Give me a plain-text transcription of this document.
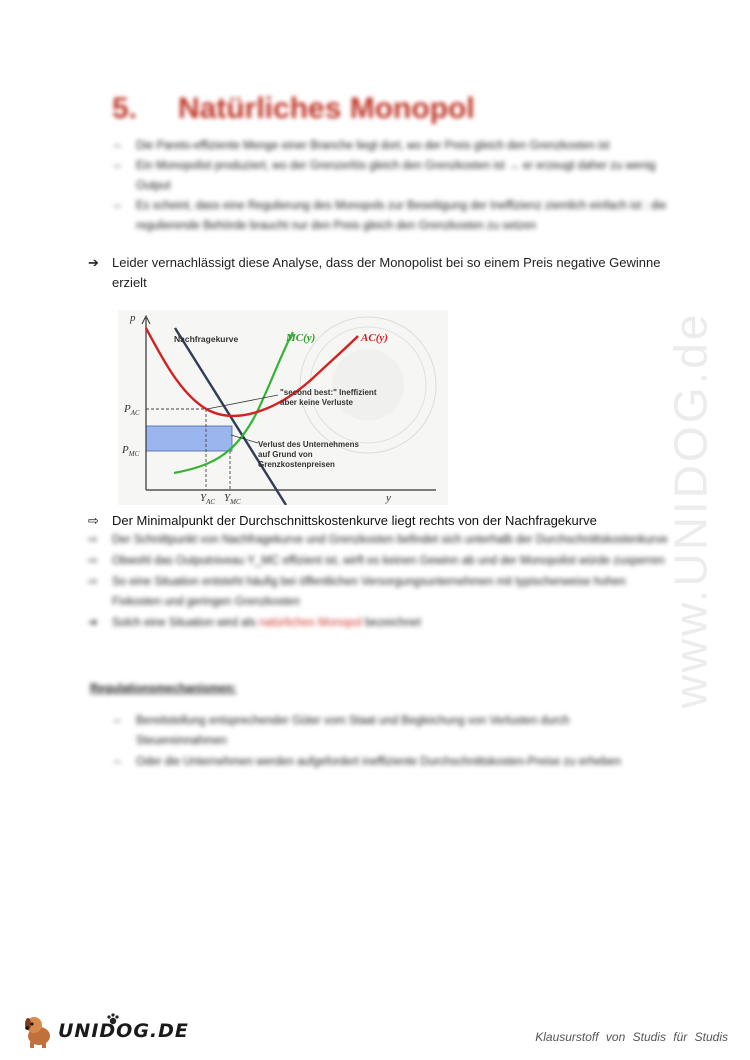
www.UNIDOG.de
5. Natürliches Monopol
– Die Pareto-effiziente Menge einer Branche liegt dort, wo der Preis gleich den Grenzkosten ist
– Ein Monopolist produziert, wo der Grenzerlös gleich den Grenzkosten ist → er erzeugt daher zu wenig Output
– Es scheint, dass eine Regulierung des Monopols zur Beseitigung der Ineffizienz ziemlich einfach ist : die regulierende Behörde braucht nur den Preis gleich den Grenzkosten zu setzen
➔	Leider vernachlässigt diese Analyse, dass der Monopolist bei so einem Preis negative Gewinne erzielt
p
y
Nachfragekurve	MC(y)	AC(y)
$P_{AC}$
$P_{MC}$
$Y_{AC}$ $Y_{MC}$
"second best:" Ineffizient
aber keine Verluste
Verlust des Unternehmens
auf Grund von
Grenzkostenpreisen
⇨	Der Minimalpunkt der Durchschnittskostenkurve liegt rechts von der Nachfragekurve
⇨ Der Schnittpunkt von Nachfragekurve und Grenzkosten befindet sich unterhalb der Durchschnittskostenkurve
⇨ Obwohl das Outputniveau Y_MC effizient ist, wirft es keinen Gewinn ab und der Monopolist würde zusperren
⇨ So eine Situation entsteht häufig bei öffentlichen Versorgungsunternehmen mit typischerweise hohen Fixkosten und geringen Grenzkosten
➔ Solch eine Situation wird als natürliches Monopol bezeichnet
Regulationsmechanismen:
– Bereitstellung entsprechender Güter vom Staat und Begleichung von Verlusten durch Steuereinnahmen
– Oder die Unternehmen werden aufgefordert ineffiziente Durchschnittskosten-Preise zu erheben
UNIDOG.DE	Klausurstoff von Studis für Studis
